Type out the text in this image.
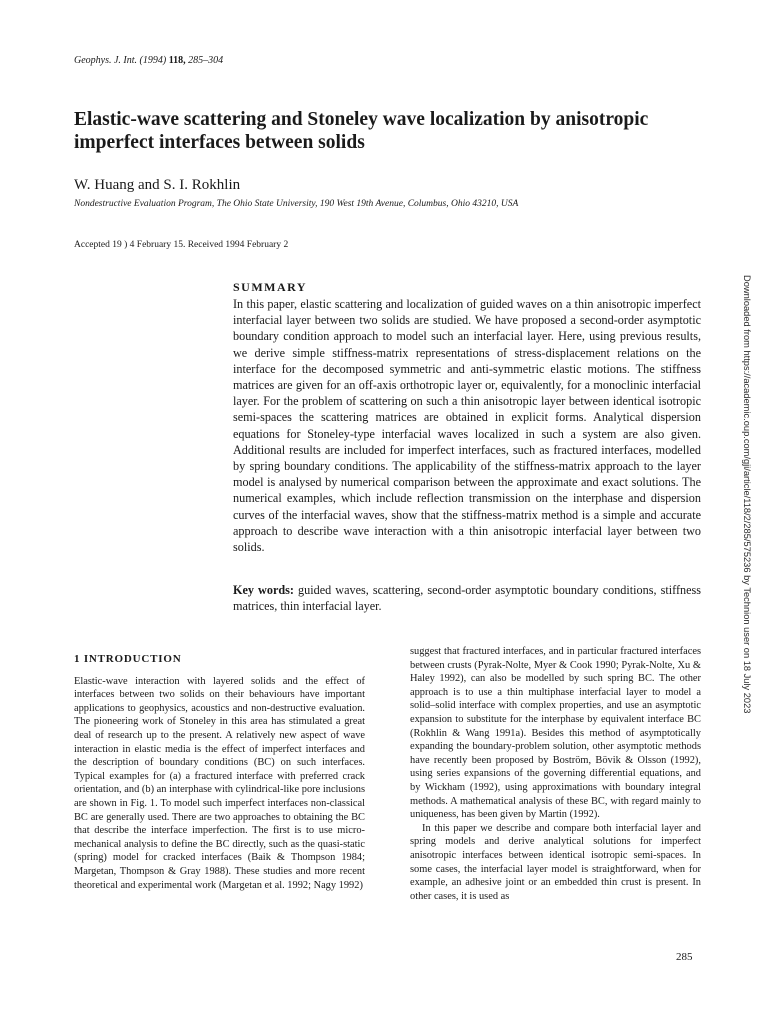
Geophys. J. Int. (1994) 118, 285–304
Elastic-wave scattering and Stoneley wave localization by anisotropic imperfect interfaces between solids
W. Huang and S. I. Rokhlin
Nondestructive Evaluation Program, The Ohio State University, 190 West 19th Avenue, Columbus, Ohio 43210, USA
Accepted 19 ) 4 February 15. Received 1994 February 2
SUMMARY

In this paper, elastic scattering and localization of guided waves on a thin anisotropic imperfect interfacial layer between two solids are studied. We have proposed a second-order asymptotic boundary condition approach to model such an interfacial layer. Here, using previous results, we derive simple stiffness-matrix representations of stress-displacement relations on the interface for the decomposed symmetric and anti-symmetric elastic motions. The stiffness matrices are given for an off-axis orthotropic layer or, equivalently, for a monoclinic interfacial layer. For the problem of scattering on such a thin anisotropic layer between identical isotropic semi-spaces the scattering matrices are obtained in explicit forms. Analytical dispersion equations for Stoneley-type interfacial waves localized in such a system are also given. Additional results are included for imperfect interfaces, such as fractured interfaces, modelled by spring boundary conditions. The applicability of the stiffness-matrix approach to the layer model is analysed by numerical comparison between the approximate and exact solutions. The numerical examples, which include reflection transmission on the interphase and dispersion curves of the interfacial waves, show that the stiffness-matrix method is a simple and accurate approach to describe wave interaction with a thin anisotropic interfacial layer between two solids.

Key words: guided waves, scattering, second-order asymptotic boundary conditions, stiffness matrices, thin interfacial layer.

1 INTRODUCTION

Elastic-wave interaction with layered solids and the effect of interfaces between two solids on their behaviours have important applications to geophysics, acoustics and non-destructive evaluation. The pioneering work of Stoneley in this area has stimulated a great deal of research up to the present. A relatively new aspect of wave interaction in elastic media is the effect of imperfect interfaces and the description of boundary conditions (BC) on such interfaces. Typical examples for (a) a fractured interface with preferred crack orientation, and (b) an interphase with cylindrical-like pore inclusions are shown in Fig. 1. To model such imperfect interfaces non-classical BC are generally used. There are two approaches to obtaining the BC that describe the interface imperfection. The first is to use micro-mechanical analysis to define the BC directly, such as the quasi-static (spring) model for cracked interfaces (Baik & Thompson 1984; Margetan, Thompson & Gray 1988). These studies and more recent theoretical and experimental work (Margetan et al. 1992; Nagy 1992)

suggest that fractured interfaces, and in particular fractured interfaces between crusts (Pyrak-Nolte, Myer & Cook 1990; Pyrak-Nolte, Xu & Haley 1992), can also be modelled by such spring BC. The other approach is to use a thin multiphase interfacial layer to model a solid–solid interface with complex properties, and use an asymptotic expansion to substitute for the interphase by equivalent interface BC (Rokhlin & Wang 1991a). Besides this method of asymptotically expanding the boundary-problem solution, other asymptotic methods have recently been proposed by Boström, Bövik & Olsson (1992), using series expansions of the governing differential equations, and by Wickham (1992), using approximations with boundary integral methods. A mathematical analysis of these BC, with regard mainly to uniqueness, has been given by Martin (1992).

In this paper we describe and compare both interfacial layer and spring models and derive analytical solutions for imperfect anisotropic interfaces between identical isotropic semi-spaces. In some cases, the interfacial layer model is straightforward, when for example, an adhesive joint or an embedded thin crust is present. In other cases, it is used as

285
Downloaded from https://academic.oup.com/gji/article/118/2/285/575236 by Technion user on 18 July 2023
